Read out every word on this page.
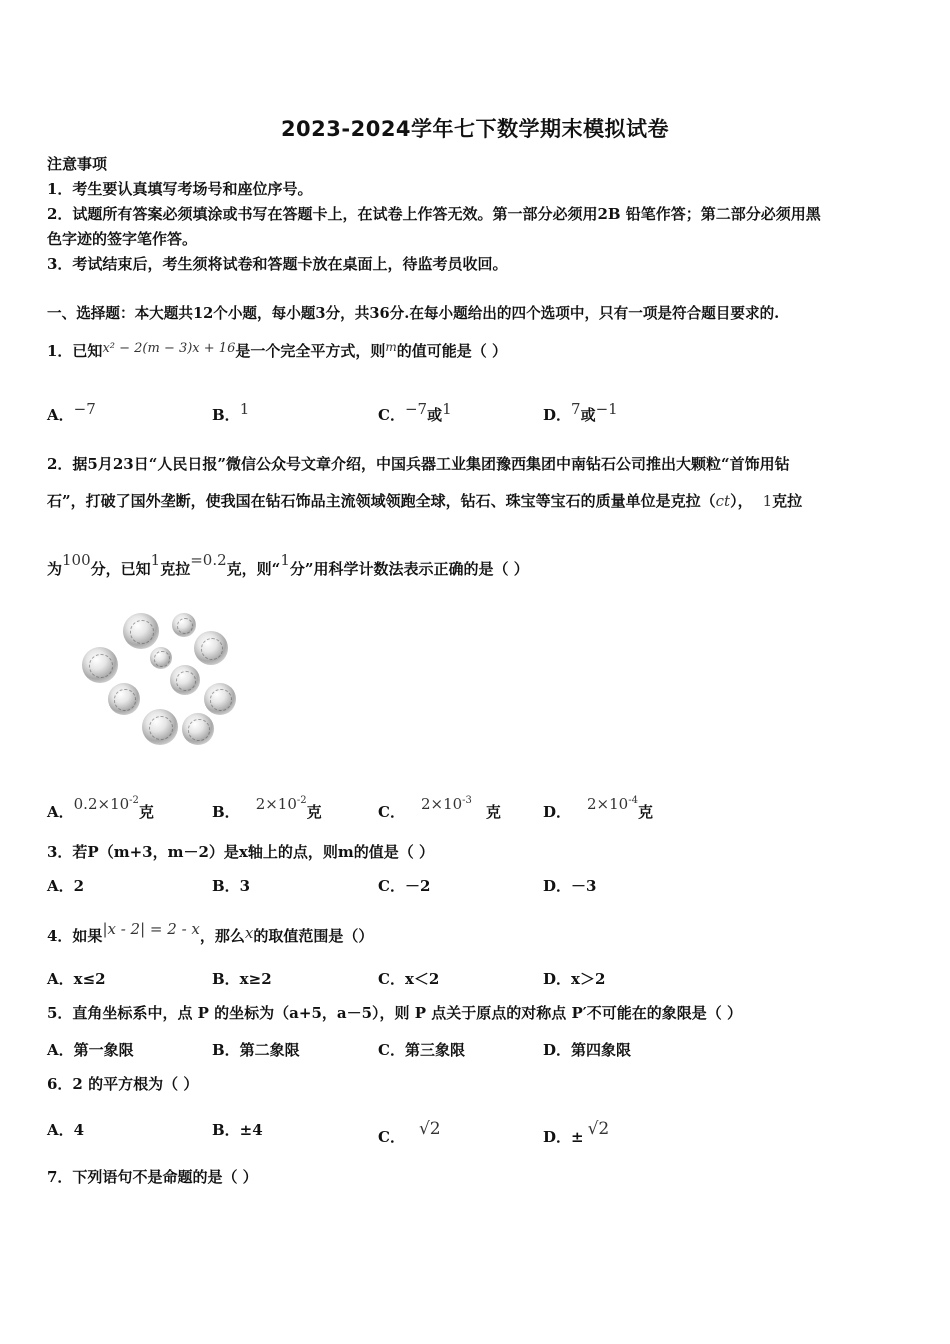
2023-2024学年七下数学期末模拟试卷
注意事项
1．考生要认真填写考场号和座位序号。
2．试题所有答案必须填涂或书写在答题卡上，在试卷上作答无效。第一部分必须用2B 铅笔作答；第二部分必须用黑
色字迹的签字笔作答。
3．考试结束后，考生须将试卷和答题卡放在桌面上，待监考员收回。
一、选择题：本大题共12个小题，每小题3分，共36分.在每小题给出的四个选项中，只有一项是符合题目要求的.
1．已知x² − 2(m − 3)x + 16是一个完全平方式，则$^m$的值可能是（ ）
A．−7	B．1	C．−7或1	D．7或−1
2．据5月23日“人民日报”微信公众号文章介绍，中国兵器工业集团豫西集团中南钻石公司推出大颗粒“首饰用钻
石”，打破了国外垄断，使我国在钻石饰品主流领域领跑全球，钻石、珠宝等宝石的质量单位是克拉（ct）， 1克拉
为100分，已知1克拉=0.2克，则“1分”用科学计数法表示正确的是（ ）
A．$0.2\times 10^{-2}$克	B． $2\times 10^{-2}$克	C． $2\times 10^{-3}$克	D． $2\times 10^{-4}$克
3．若P（m+3，m－2）是x轴上的点，则m的值是（ ）
A．2	B．3	C．－2	D．－3
4．如果|x - 2| = 2 - x，那么x的取值范围是（）
A．x≤2	B．x≥2	C．x＜2	D．x＞2
5．直角坐标系中，点 P 的坐标为（a+5，a－5），则 P 点关于原点的对称点 P′不可能在的象限是（ ）
A．第一象限	B．第二象限	C．第三象限	D．第四象限
6．2 的平方根为（ ）
A．4	B．±4	C． √2	D．± √2
7．下列语句不是命题的是（ ）
